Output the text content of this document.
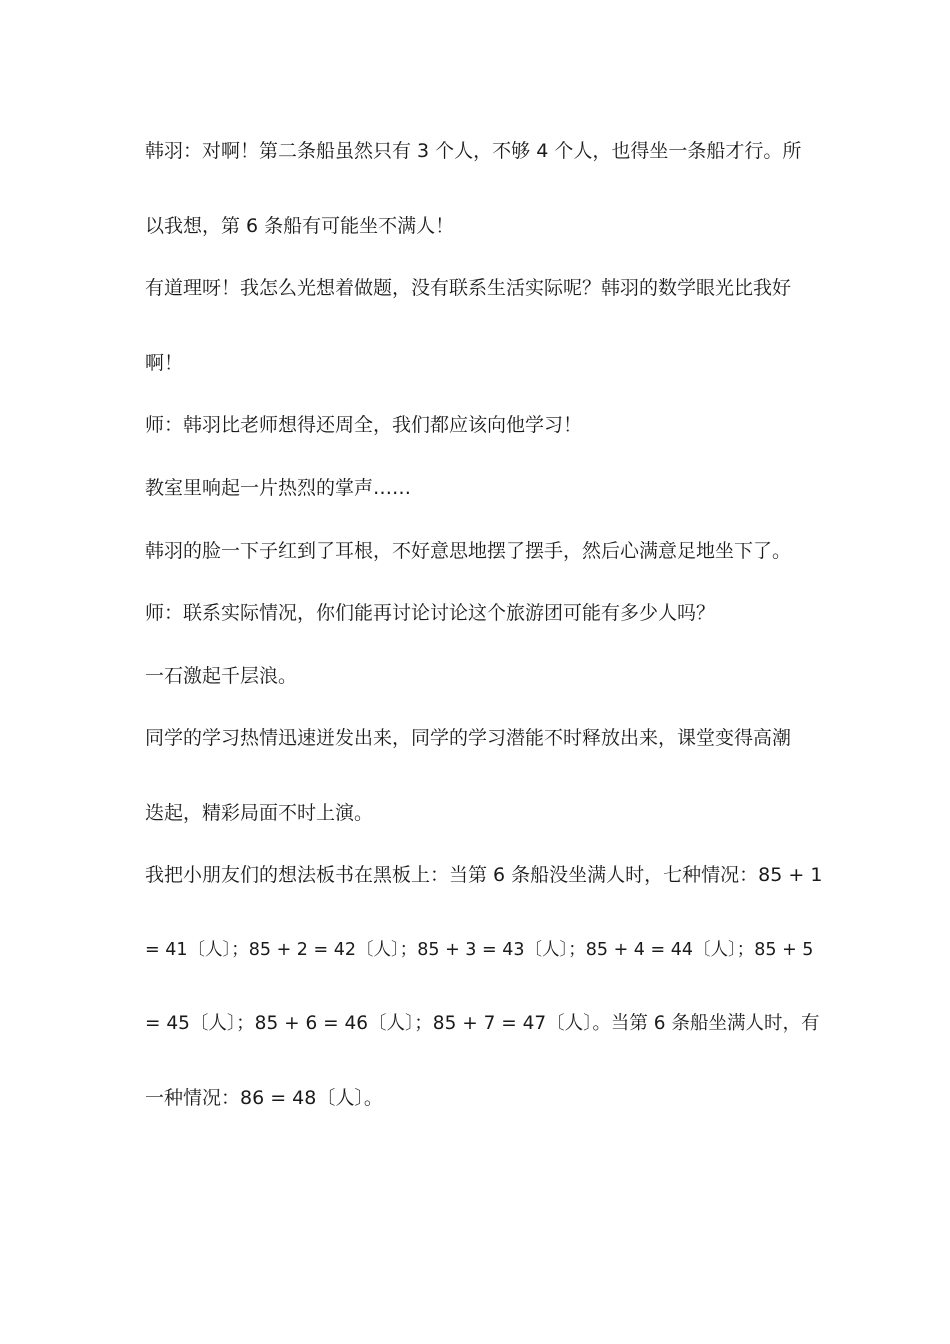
韩羽：对啊！第二条船虽然只有 3 个人，不够 4 个人，也得坐一条船才行。所
以我想，第 6 条船有可能坐不满人！
有道理呀！我怎么光想着做题，没有联系生活实际呢？韩羽的数学眼光比我好
啊！
师：韩羽比老师想得还周全，我们都应该向他学习！
教室里响起一片热烈的掌声……
韩羽的脸一下子红到了耳根，不好意思地摆了摆手，然后心满意足地坐下了。
师：联系实际情况，你们能再讨论讨论这个旅游团可能有多少人吗？
一石激起千层浪。
同学的学习热情迅速迸发出来，同学的学习潜能不时释放出来，课堂变得高潮
迭起，精彩局面不时上演。
我把小朋友们的想法板书在黑板上：当第 6 条船没坐满人时，七种情况：85 + 1
= 41〔人〕；85 + 2 = 42〔人〕；85 + 3 = 43〔人〕；85 + 4 = 44〔人〕；85 + 5
= 45〔人〕；85 + 6 = 46〔人〕；85 + 7 = 47〔人〕。当第 6 条船坐满人时，有
一种情况：86 = 48〔人〕。
